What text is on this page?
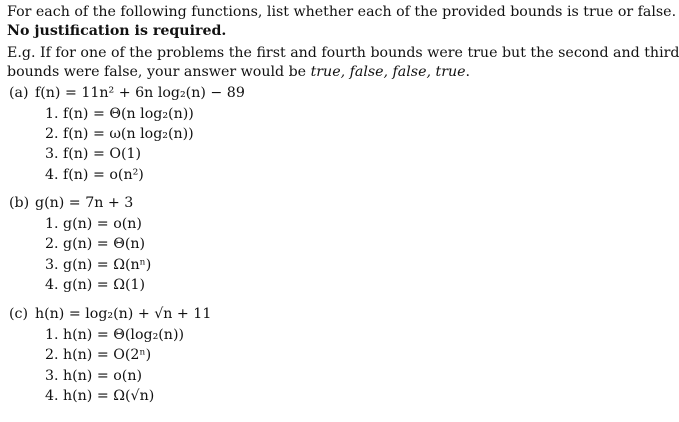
For each of the following functions, list whether each of the provided bounds is true or false.
No justification is required.
E.g. If for one of the problems the first and fourth bounds were true but the second and third
bounds were false, your answer would be true, false, false, true.
(a) f(n) = 11n² + 6n log₂(n) − 89
1. f(n) = Θ(n log₂(n))
2. f(n) = ω(n log₂(n))
3. f(n) = O(1)
4. f(n) = o(n²)
(b) g(n) = 7n + 3
1. g(n) = o(n)
2. g(n) = Θ(n)
3. g(n) = Ω(nⁿ)
4. g(n) = Ω(1)
(c) h(n) = log₂(n) + √n + 11
1. h(n) = Θ(log₂(n))
2. h(n) = O(2ⁿ)
3. h(n) = o(n)
4. h(n) = Ω(√n)
